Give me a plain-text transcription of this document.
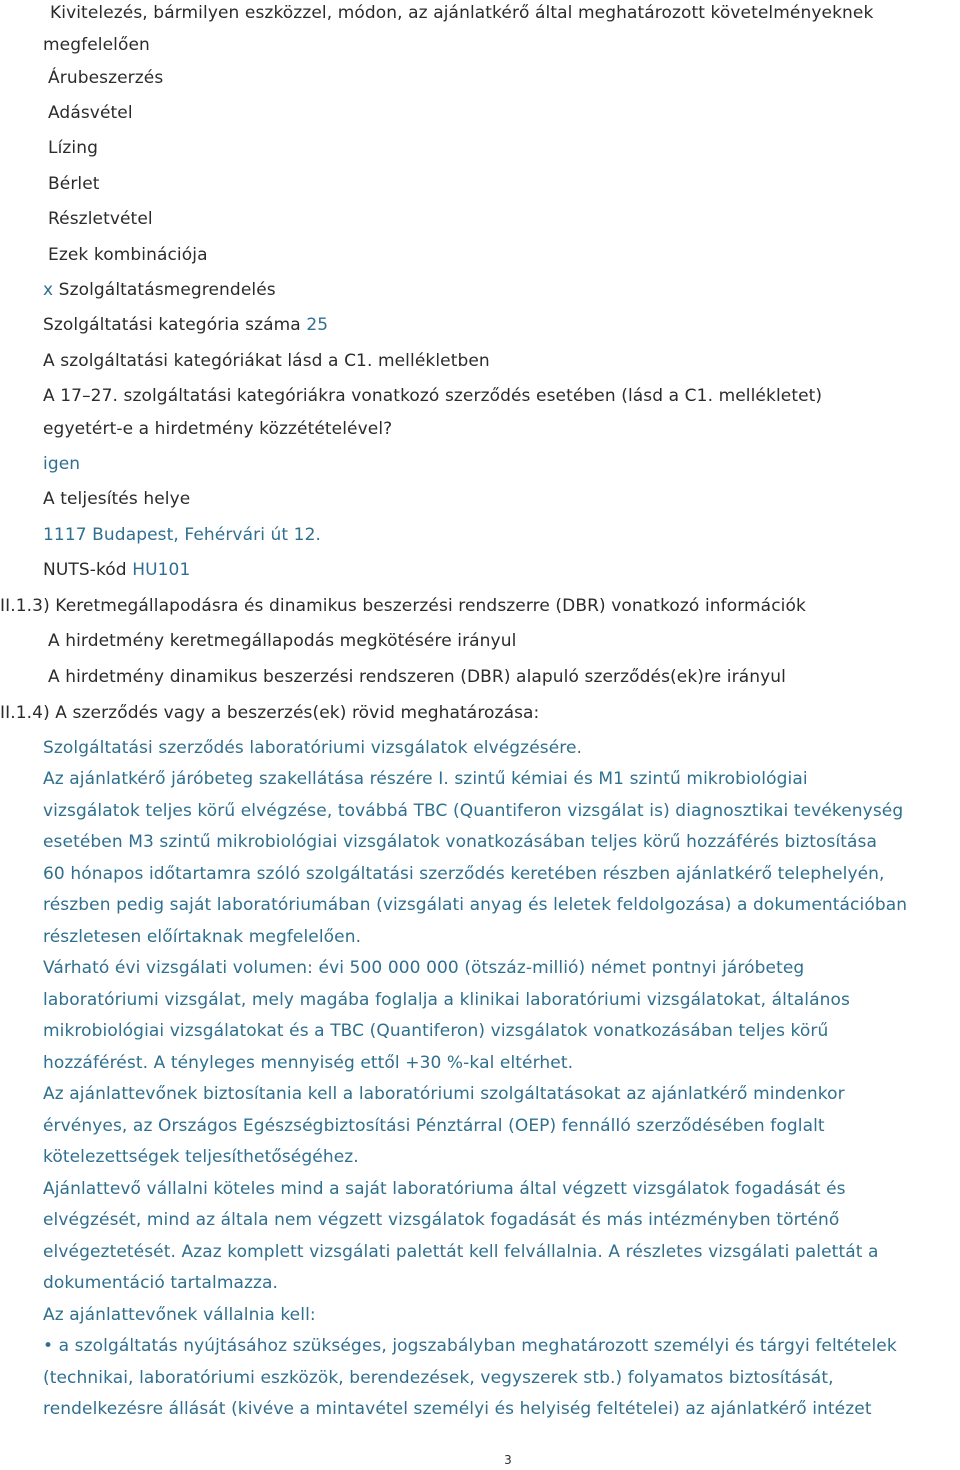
Kivitelezés, bármilyen eszközzel, módon, az ajánlatkérő által meghatározott követelményeknek
megfelelően
Árubeszerzés
Adásvétel
Lízing
Bérlet
Részletvétel
Ezek kombinációja
x Szolgáltatásmegrendelés
Szolgáltatási kategória száma 25
A szolgáltatási kategóriákat lásd a C1. mellékletben
A 17–27. szolgáltatási kategóriákra vonatkozó szerződés esetében (lásd a C1. mellékletet)
egyetért-e a hirdetmény közzétételével?
igen
A teljesítés helye
1117 Budapest, Fehérvári út 12.
NUTS-kód HU101
II.1.3) Keretmegállapodásra és dinamikus beszerzési rendszerre (DBR) vonatkozó információk
A hirdetmény keretmegállapodás megkötésére irányul
A hirdetmény dinamikus beszerzési rendszeren (DBR) alapuló szerződés(ek)re irányul
II.1.4) A szerződés vagy a beszerzés(ek) rövid meghatározása:
Szolgáltatási szerződés laboratóriumi vizsgálatok elvégzésére.
Az ajánlatkérő járóbeteg szakellátása részére I. szintű kémiai és M1 szintű mikrobiológiai
vizsgálatok teljes körű elvégzése, továbbá TBC (Quantiferon vizsgálat is) diagnosztikai tevékenység
esetében M3 szintű mikrobiológiai vizsgálatok vonatkozásában teljes körű hozzáférés biztosítása
60 hónapos időtartamra szóló szolgáltatási szerződés keretében részben ajánlatkérő telephelyén,
részben pedig saját laboratóriumában (vizsgálati anyag és leletek feldolgozása) a dokumentációban
részletesen előírtaknak megfelelően.
Várható évi vizsgálati volumen: évi 500 000 000 (ötszáz-millió) német pontnyi járóbeteg
laboratóriumi vizsgálat, mely magába foglalja a klinikai laboratóriumi vizsgálatokat, általános
mikrobiológiai vizsgálatokat és a TBC (Quantiferon) vizsgálatok vonatkozásában teljes körű
hozzáférést. A tényleges mennyiség ettől +30 %-kal eltérhet.
Az ajánlattevőnek biztosítania kell a laboratóriumi szolgáltatásokat az ajánlatkérő mindenkor
érvényes, az Országos Egészségbiztosítási Pénztárral (OEP) fennálló szerződésében foglalt
kötelezettségek teljesíthetőségéhez.
Ajánlattevő vállalni köteles mind a saját laboratóriuma által végzett vizsgálatok fogadását és
elvégzését, mind az általa nem végzett vizsgálatok fogadását és más intézményben történő
elvégeztetését. Azaz komplett vizsgálati palettát kell felvállalnia. A részletes vizsgálati palettát a
dokumentáció tartalmazza.
Az ajánlattevőnek vállalnia kell:
• a szolgáltatás nyújtásához szükséges, jogszabályban meghatározott személyi és tárgyi feltételek
(technikai, laboratóriumi eszközök, berendezések, vegyszerek stb.) folyamatos biztosítását,
rendelkezésre állását (kivéve a mintavétel személyi és helyiség feltételei) az ajánlatkérő intézet
3
